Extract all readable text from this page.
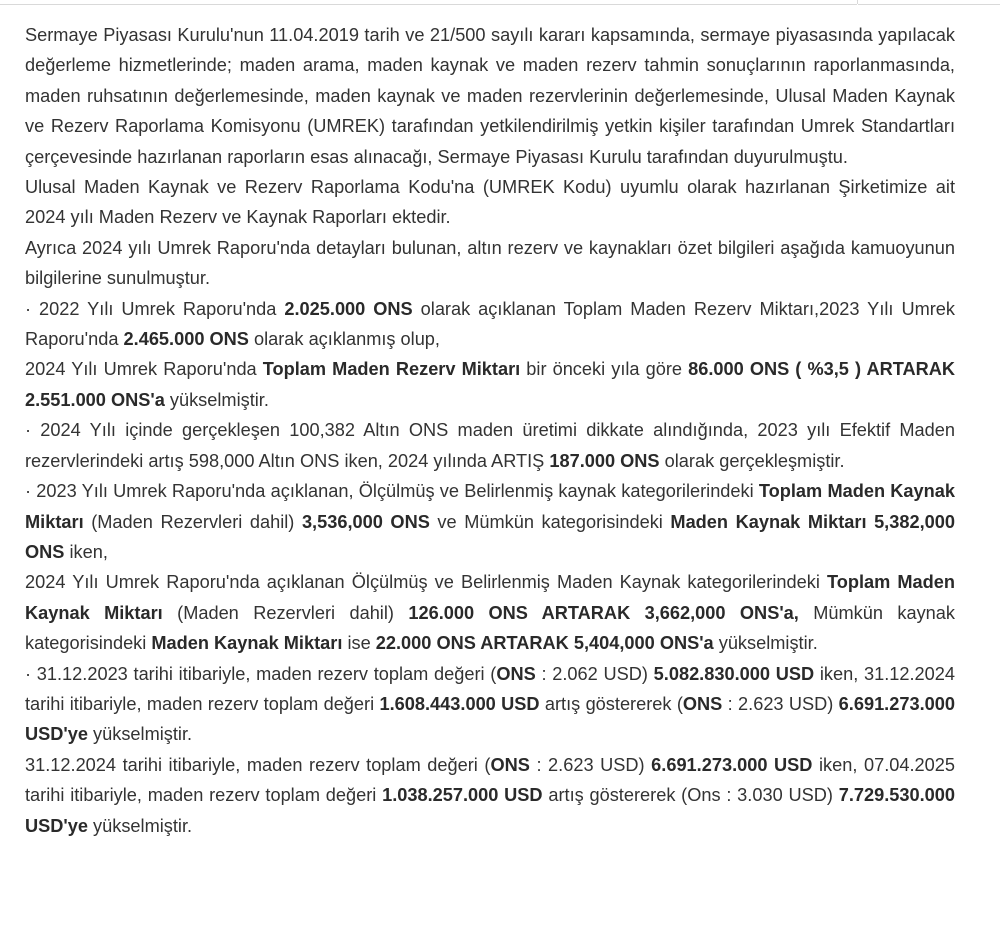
Sermaye Piyasası Kurulu'nun 11.04.2019 tarih ve 21/500 sayılı kararı kapsamında, sermaye piyasasında yapılacak değerleme hizmetlerinde; maden arama, maden kaynak ve maden rezerv tahmin sonuçlarının raporlanmasında, maden ruhsatının değerlemesinde, maden kaynak ve maden rezervlerinin değerlemesinde, Ulusal Maden Kaynak ve Rezerv Raporlama Komisyonu (UMREK) tarafından yetkilendirilmiş yetkin kişiler tarafından Umrek Standartları çerçevesinde hazırlanan raporların esas alınacağı, Sermaye Piyasası Kurulu tarafından duyurulmuştu.

Ulusal Maden Kaynak ve Rezerv Raporlama Kodu'na (UMREK Kodu) uyumlu olarak hazırlanan Şirketimize ait 2024 yılı Maden Rezerv ve Kaynak Raporları ektedir.

Ayrıca 2024 yılı Umrek Raporu'nda detayları bulunan, altın rezerv ve kaynakları özet bilgileri aşağıda kamuoyunun bilgilerine sunulmuştur.

· 2022 Yılı Umrek Raporu'nda 2.025.000 ONS olarak açıklanan Toplam Maden Rezerv Miktarı,2023 Yılı Umrek Raporu'nda 2.465.000 ONS olarak açıklanmış olup,

2024 Yılı Umrek Raporu'nda Toplam Maden Rezerv Miktarı bir önceki yıla göre 86.000 ONS ( %3,5 ) ARTARAK 2.551.000 ONS'a yükselmiştir.

· 2024 Yılı içinde gerçekleşen 100,382 Altın ONS maden üretimi dikkate alındığında, 2023 yılı Efektif Maden rezervlerindeki artış 598,000 Altın ONS iken, 2024 yılında ARTIŞ 187.000 ONS olarak gerçekleşmiştir.

· 2023 Yılı Umrek Raporu'nda açıklanan, Ölçülmüş ve Belirlenmiş kaynak kategorilerindeki Toplam Maden Kaynak Miktarı (Maden Rezervleri dahil) 3,536,000 ONS ve Mümkün kategorisindeki Maden Kaynak Miktarı 5,382,000 ONS iken,

2024 Yılı Umrek Raporu'nda açıklanan Ölçülmüş ve Belirlenmiş Maden Kaynak kategorilerindeki Toplam Maden Kaynak Miktarı (Maden Rezervleri dahil) 126.000 ONS ARTARAK 3,662,000 ONS'a, Mümkün kaynak kategorisindeki Maden Kaynak Miktarı ise 22.000 ONS ARTARAK 5,404,000 ONS'a yükselmiştir.

· 31.12.2023 tarihi itibariyle, maden rezerv toplam değeri (ONS : 2.062 USD) 5.082.830.000 USD iken, 31.12.2024 tarihi itibariyle, maden rezerv toplam değeri 1.608.443.000 USD artış göstererek (ONS : 2.623 USD) 6.691.273.000 USD'ye yükselmiştir.

31.12.2024 tarihi itibariyle, maden rezerv toplam değeri (ONS : 2.623 USD) 6.691.273.000 USD iken, 07.04.2025 tarihi itibariyle, maden rezerv toplam değeri 1.038.257.000 USD artış göstererek (Ons : 3.030 USD) 7.729.530.000 USD'ye yükselmiştir.
